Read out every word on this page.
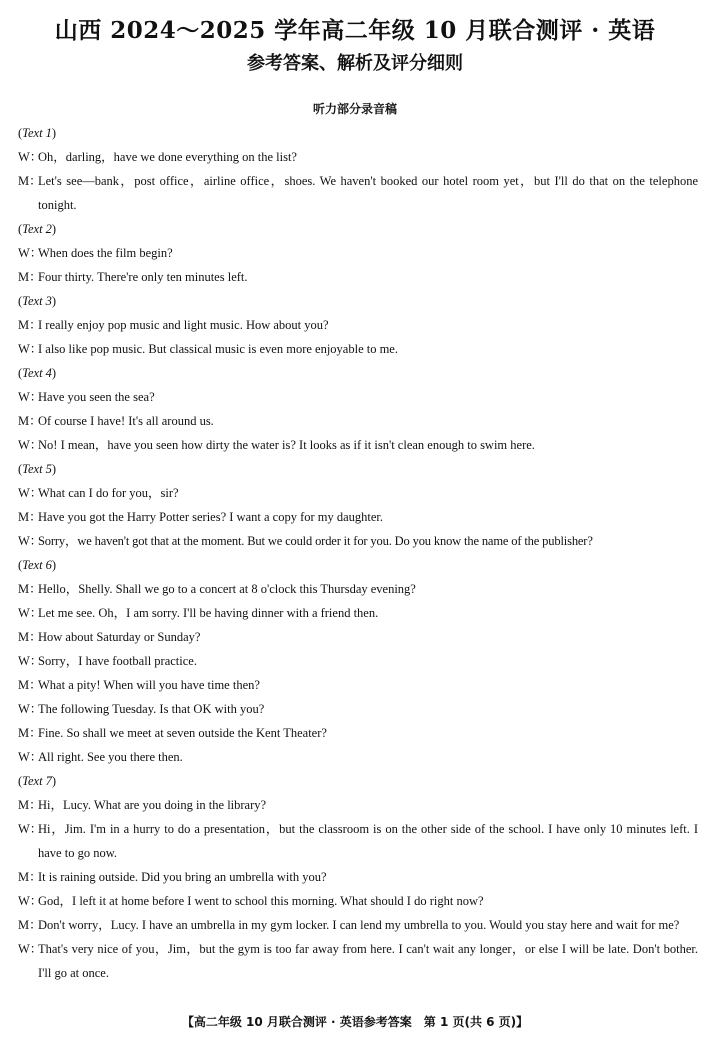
山西 2024～2025 学年高二年级 10 月联合测评 · 英语
参考答案、解析及评分细则
听力部分录音稿
( Text 1 )
W：
Oh，darling，have we done everything on the list?
M：
Let's see—bank，post office，airline office，shoes. We haven't booked our hotel room yet，but I'll do that on the telephone tonight.
( Text 2 )
W：
When does the film begin?
M：
Four thirty. There're only ten minutes left.
( Text 3 )
M：
I really enjoy pop music and light music. How about you?
W：
I also like pop music. But classical music is even more enjoyable to me.
( Text 4 )
W：
Have you seen the sea?
M：
Of course I have! It's all around us.
W：
No! I mean，have you seen how dirty the water is? It looks as if it isn't clean enough to swim here.
( Text 5 )
W：
What can I do for you，sir?
M：
Have you got the Harry Potter series? I want a copy for my daughter.
W：
Sorry，we haven't got that at the moment. But we could order it for you. Do you know the name of the publisher?
( Text 6 )
M：
Hello，Shelly. Shall we go to a concert at 8 o'clock this Thursday evening?
W：
Let me see. Oh，I am sorry. I'll be having dinner with a friend then.
M：
How about Saturday or Sunday?
W：
Sorry，I have football practice.
M：
What a pity! When will you have time then?
W：
The following Tuesday. Is that OK with you?
M：
Fine. So shall we meet at seven outside the Kent Theater?
W：
All right. See you there then.
( Text 7 )
M：
Hi，Lucy. What are you doing in the library?
W：
Hi，Jim. I'm in a hurry to do a presentation，but the classroom is on the other side of the school. I have only 10 minutes left. I have to go now.
M：
It is raining outside. Did you bring an umbrella with you?
W：
God，I left it at home before I went to school this morning. What should I do right now?
M：
Don't worry，Lucy. I have an umbrella in my gym locker. I can lend my umbrella to you. Would you stay here and wait for me?
W：
That's very nice of you，Jim，but the gym is too far away from here. I can't wait any longer，or else I will be late. Don't bother. I'll go at once.
【高二年级 10 月联合测评 · 英语参考答案　第 1 页(共 6 页)】
